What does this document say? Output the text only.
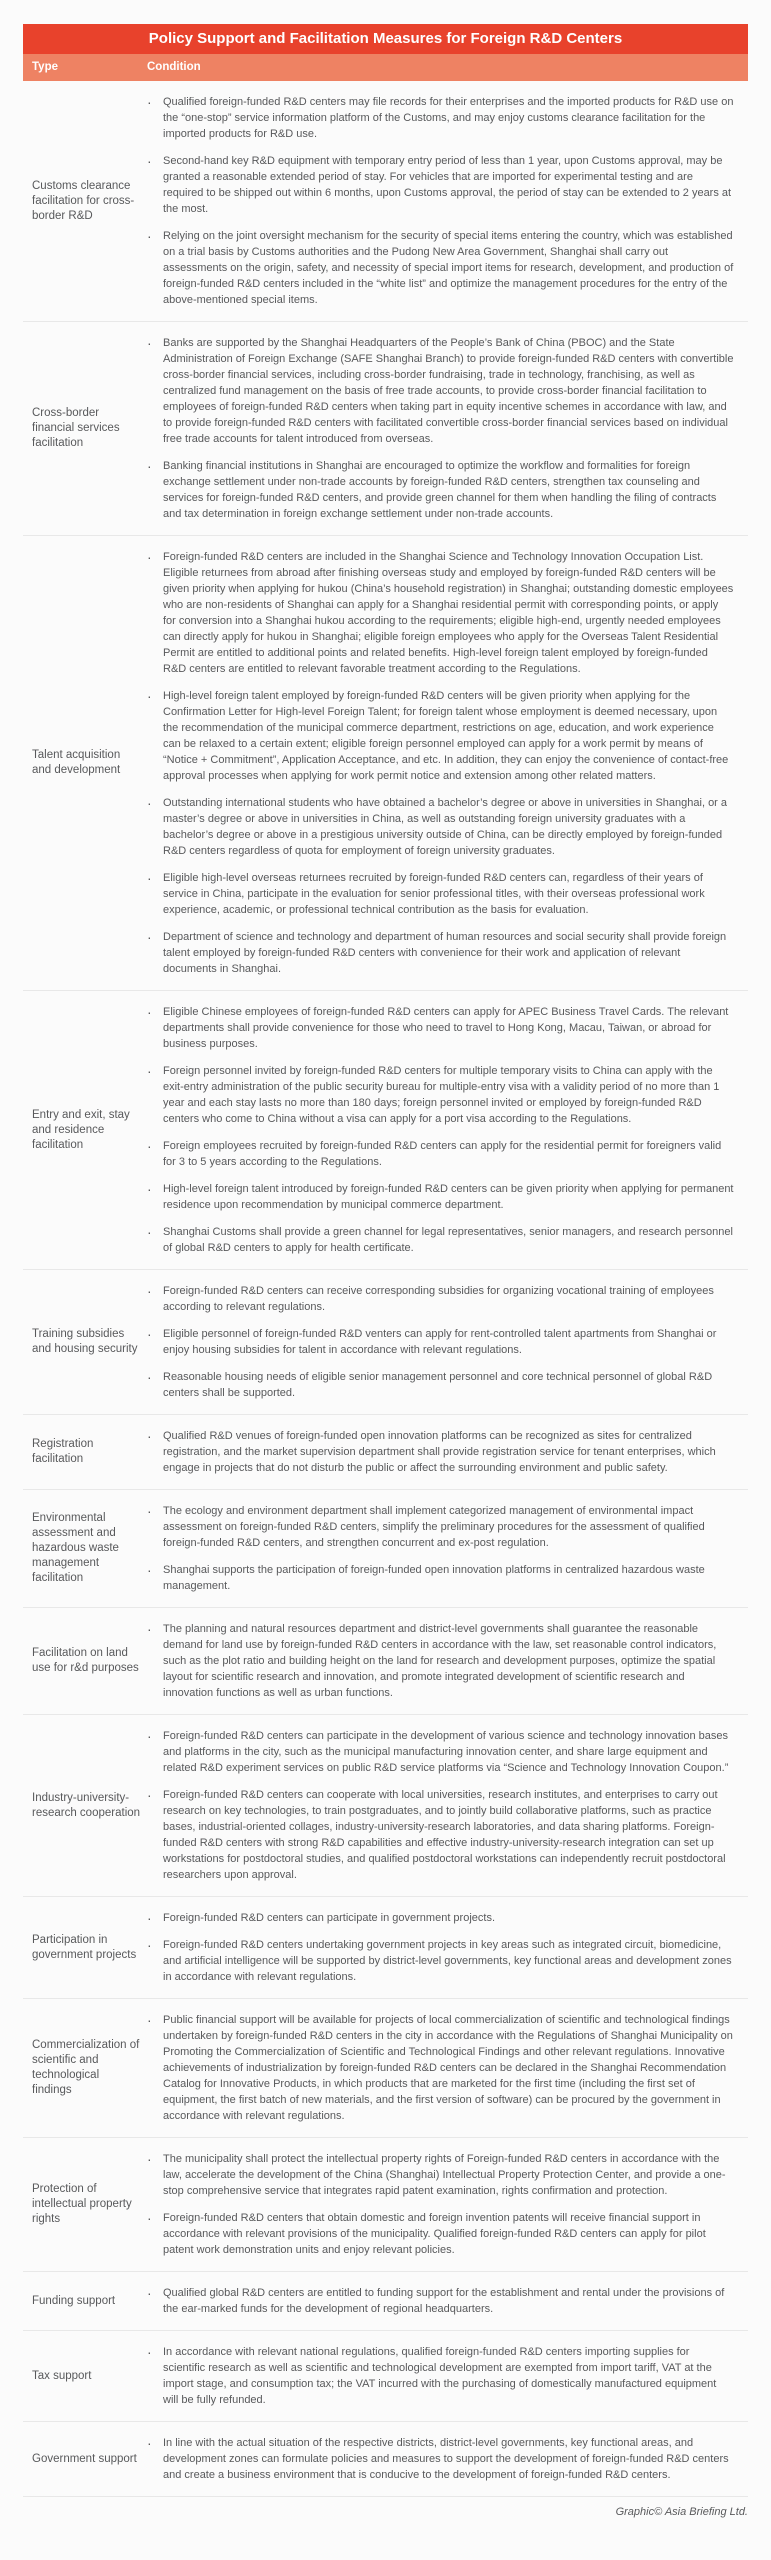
Policy Support and Facilitation Measures for Foreign R&D Centers
Type	Condition
Customs clearance facilitation for cross-border R&D
·	Qualified foreign-funded R&D centers may file records for their enterprises and the imported products for R&D use on the “one-stop” service information platform of the Customs, and may enjoy customs clearance facilitation for the imported products for R&D use.
·	Second-hand key R&D equipment with temporary entry period of less than 1 year, upon Customs approval, may be granted a reasonable extended period of stay. For vehicles that are imported for experimental testing and are required to be shipped out within 6 months, upon Customs approval, the period of stay can be extended to 2 years at the most.
·	Relying on the joint oversight mechanism for the security of special items entering the country, which was established on a trial basis by Customs authorities and the Pudong New Area Government, Shanghai shall carry out assessments on the origin, safety, and necessity of special import items for research, development, and production of foreign-funded R&D centers included in the “white list” and optimize the management procedures for the entry of the above-mentioned special items.
Cross-border financial services facilitation
·	Banks are supported by the Shanghai Headquarters of the People’s Bank of China (PBOC) and the State Administration of Foreign Exchange (SAFE Shanghai Branch) to provide foreign-funded R&D centers with convertible cross-border financial services, including cross-border fundraising, trade in technology, franchising, as well as centralized fund management on the basis of free trade accounts, to provide cross-border financial facilitation to employees of foreign-funded R&D centers when taking part in equity incentive schemes in accordance with law, and to provide foreign-funded R&D centers with facilitated convertible cross-border financial services based on individual free trade accounts for talent introduced from overseas.
·	Banking financial institutions in Shanghai are encouraged to optimize the workflow and formalities for foreign exchange settlement under non-trade accounts by foreign-funded R&D centers, strengthen tax counseling and services for foreign-funded R&D centers, and provide green channel for them when handling the filing of contracts and tax determination in foreign exchange settlement under non-trade accounts.
Talent acquisition and development
·	Foreign-funded R&D centers are included in the Shanghai Science and Technology Innovation Occupation List. Eligible returnees from abroad after finishing overseas study and employed by foreign-funded R&D centers will be given priority when applying for hukou (China’s household registration) in Shanghai; outstanding domestic employees who are non-residents of Shanghai can apply for a Shanghai residential permit with corresponding points, or apply for conversion into a Shanghai hukou according to the requirements; eligible high-end, urgently needed employees can directly apply for hukou in Shanghai; eligible foreign employees who apply for the Overseas Talent Residential Permit are entitled to additional points and related benefits. High-level foreign talent employed by foreign-funded R&D centers are entitled to relevant favorable treatment according to the Regulations.
·	High-level foreign talent employed by foreign-funded R&D centers will be given priority when applying for the Confirmation Letter for High-level Foreign Talent; for foreign talent whose employment is deemed necessary, upon the recommendation of the municipal commerce department, restrictions on age, education, and work experience can be relaxed to a certain extent; eligible foreign personnel employed can apply for a work permit by means of “Notice + Commitment”, Application Acceptance, and etc. In addition, they can enjoy the convenience of contact-free approval processes when applying for work permit notice and extension among other related matters.
·	Outstanding international students who have obtained a bachelor’s degree or above in universities in Shanghai, or a master’s degree or above in universities in China, as well as outstanding foreign university graduates with a bachelor’s degree or above in a prestigious university outside of China, can be directly employed by foreign-funded R&D centers regardless of quota for employment of foreign university graduates.
·	Eligible high-level overseas returnees recruited by foreign-funded R&D centers can, regardless of their years of service in China, participate in the evaluation for senior professional titles, with their overseas professional work experience, academic, or professional technical contribution as the basis for evaluation.
·	Department of science and technology and department of human resources and social security shall provide foreign talent employed by foreign-funded R&D centers with convenience for their work and application of relevant documents in Shanghai.
Entry and exit, stay and residence facilitation
·	Eligible Chinese employees of foreign-funded R&D centers can apply for APEC Business Travel Cards. The relevant departments shall provide convenience for those who need to travel to Hong Kong, Macau, Taiwan, or abroad for business purposes.
·	Foreign personnel invited by foreign-funded R&D centers for multiple temporary visits to China can apply with the exit-entry administration of the public security bureau for multiple-entry visa with a validity period of no more than 1 year and each stay lasts no more than 180 days; foreign personnel invited or employed by foreign-funded R&D centers who come to China without a visa can apply for a port visa according to the Regulations.
·	Foreign employees recruited by foreign-funded R&D centers can apply for the residential permit for foreigners valid for 3 to 5 years according to the Regulations.
·	High-level foreign talent introduced by foreign-funded R&D centers can be given priority when applying for permanent residence upon recommendation by municipal commerce department.
·	Shanghai Customs shall provide a green channel for legal representatives, senior managers, and research personnel of global R&D centers to apply for health certificate.
Training subsidies and housing security
·	Foreign-funded R&D centers can receive corresponding subsidies for organizing vocational training of employees according to relevant regulations.
·	Eligible personnel of foreign-funded R&D venters can apply for rent-controlled talent apartments from Shanghai or enjoy housing subsidies for talent in accordance with relevant regulations.
·	Reasonable housing needs of eligible senior management personnel and core technical personnel of global R&D centers shall be supported.
Registration facilitation
·	Qualified R&D venues of foreign-funded open innovation platforms can be recognized as sites for centralized registration, and the market supervision department shall provide registration service for tenant enterprises, which engage in projects that do not disturb the public or affect the surrounding environment and public safety.
Environmental assessment and hazardous waste management facilitation
·	The ecology and environment department shall implement categorized management of environmental impact assessment on foreign-funded R&D centers, simplify the preliminary procedures for the assessment of qualified foreign-funded R&D centers, and strengthen concurrent and ex-post regulation.
·	Shanghai supports the participation of foreign-funded open innovation platforms in centralized hazardous waste management.
Facilitation on land use for r&d purposes
·	The planning and natural resources department and district-level governments shall guarantee the reasonable demand for land use by foreign-funded R&D centers in accordance with the law, set reasonable control indicators, such as the plot ratio and building height on the land for research and development purposes, optimize the spatial layout for scientific research and innovation, and promote integrated development of scientific research and innovation functions as well as urban functions.
Industry-university-research cooperation
·	Foreign-funded R&D centers can participate in the development of various science and technology innovation bases and platforms in the city, such as the municipal manufacturing innovation center, and share large equipment and related R&D experiment services on public R&D service platforms via “Science and Technology Innovation Coupon.”
·	Foreign-funded R&D centers can cooperate with local universities, research institutes, and enterprises to carry out research on key technologies, to train postgraduates, and to jointly build collaborative platforms, such as practice bases, industrial-oriented collages, industry-university-research laboratories, and data sharing platforms. Foreign-funded R&D centers with strong R&D capabilities and effective industry-university-research integration can set up workstations for postdoctoral studies, and qualified postdoctoral workstations can independently recruit postdoctoral researchers upon approval.
Participation in government projects
·	Foreign-funded R&D centers can participate in government projects.
·	Foreign-funded R&D centers undertaking government projects in key areas such as integrated circuit, biomedicine, and artificial intelligence will be supported by district-level governments, key functional areas and development zones in accordance with relevant regulations.
Commercialization of scientific and technological findings
·	Public financial support will be available for projects of local commercialization of scientific and technological findings undertaken by foreign-funded R&D centers in the city in accordance with the Regulations of Shanghai Municipality on Promoting the Commercialization of Scientific and Technological Findings and other relevant regulations. Innovative achievements of industrialization by foreign-funded R&D centers can be declared in the Shanghai Recommendation Catalog for Innovative Products, in which products that are marketed for the first time (including the first set of equipment, the first batch of new materials, and the first version of software) can be procured by the government in accordance with relevant regulations.
Protection of intellectual property rights
·	The municipality shall protect the intellectual property rights of Foreign-funded R&D centers in accordance with the law, accelerate the development of the China (Shanghai) Intellectual Property Protection Center, and provide a one-stop comprehensive service that integrates rapid patent examination, rights confirmation and protection.
·	Foreign-funded R&D centers that obtain domestic and foreign invention patents will receive financial support in accordance with relevant provisions of the municipality. Qualified foreign-funded R&D centers can apply for pilot patent work demonstration units and enjoy relevant policies.
Funding support	·	Qualified global R&D centers are entitled to funding support for the establishment and rental under the provisions of the ear-marked funds for the development of regional headquarters.
Tax support
·	In accordance with relevant national regulations, qualified foreign-funded R&D centers importing supplies for scientific research as well as scientific and technological development are exempted from import tariff, VAT at the import stage, and consumption tax; the VAT incurred with the purchasing of domestically manufactured equipment will be fully refunded.
Government support
·	In line with the actual situation of the respective districts, district-level governments, key functional areas, and development zones can formulate policies and measures to support the development of foreign-funded R&D centers and create a business environment that is conducive to the development of foreign-funded R&D centers.
Graphic© Asia Briefing Ltd.
